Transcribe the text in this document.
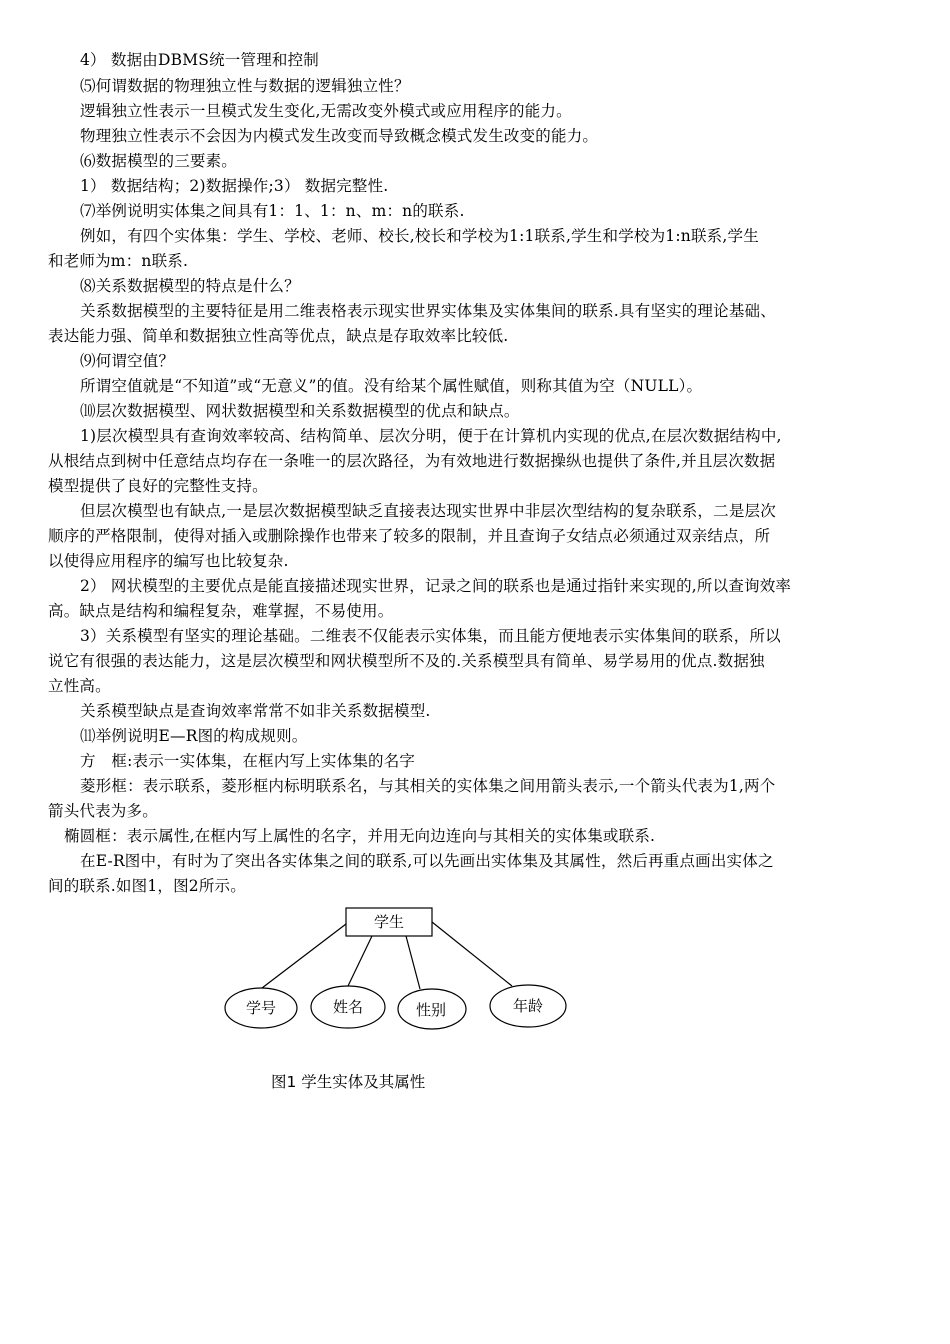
4） 数据由DBMS统一管理和控制
⑸何谓数据的物理独立性与数据的逻辑独立性？
逻辑独立性表示一旦模式发生变化,无需改变外模式或应用程序的能力。
物理独立性表示不会因为内模式发生改变而导致概念模式发生改变的能力。
⑹数据模型的三要素。
1） 数据结构；2)数据操作;3） 数据完整性.
⑺举例说明实体集之间具有1：1、1：n、m：n的联系.
例如，有四个实体集：学生、学校、老师、校长,校长和学校为1:1联系,学生和学校为1:n联系,学生
和老师为m：n联系.
⑻关系数据模型的特点是什么？
关系数据模型的主要特征是用二维表格表示现实世界实体集及实体集间的联系.具有坚实的理论基础、
表达能力强、简单和数据独立性高等优点，缺点是存取效率比较低.
⑼何谓空值？
所谓空值就是“不知道”或“无意义”的值。没有给某个属性赋值，则称其值为空（NULL）。
⑽层次数据模型、网状数据模型和关系数据模型的优点和缺点。
1)层次模型具有查询效率较高、结构简单、层次分明，便于在计算机内实现的优点,在层次数据结构中,
从根结点到树中任意结点均存在一条唯一的层次路径，为有效地进行数据操纵也提供了条件,并且层次数据
模型提供了良好的完整性支持。
但层次模型也有缺点,一是层次数据模型缺乏直接表达现实世界中非层次型结构的复杂联系，二是层次
顺序的严格限制，使得对插入或删除操作也带来了较多的限制，并且查询子女结点必须通过双亲结点，所
以使得应用程序的编写也比较复杂.
2） 网状模型的主要优点是能直接描述现实世界，记录之间的联系也是通过指针来实现的,所以查询效率
高。缺点是结构和编程复杂，难掌握，不易使用。
3）关系模型有坚实的理论基础。二维表不仅能表示实体集，而且能方便地表示实体集间的联系，所以
说它有很强的表达能力，这是层次模型和网状模型所不及的.关系模型具有简单、易学易用的优点.数据独
立性高。
关系模型缺点是查询效率常常不如非关系数据模型.
⑾举例说明E—R图的构成规则。
方　框:表示一实体集，在框内写上实体集的名字
菱形框：表示联系，菱形框内标明联系名，与其相关的实体集之间用箭头表示,一个箭头代表为1,两个
箭头代表为多。
椭圆框：表示属性,在框内写上属性的名字，并用无向边连向与其相关的实体集或联系.
在E-R图中，有时为了突出各实体集之间的联系,可以先画出实体集及其属性，然后再重点画出实体之
间的联系.如图1，图2所示。
学生
学号	姓名	性别	年龄
图1 学生实体及其属性
